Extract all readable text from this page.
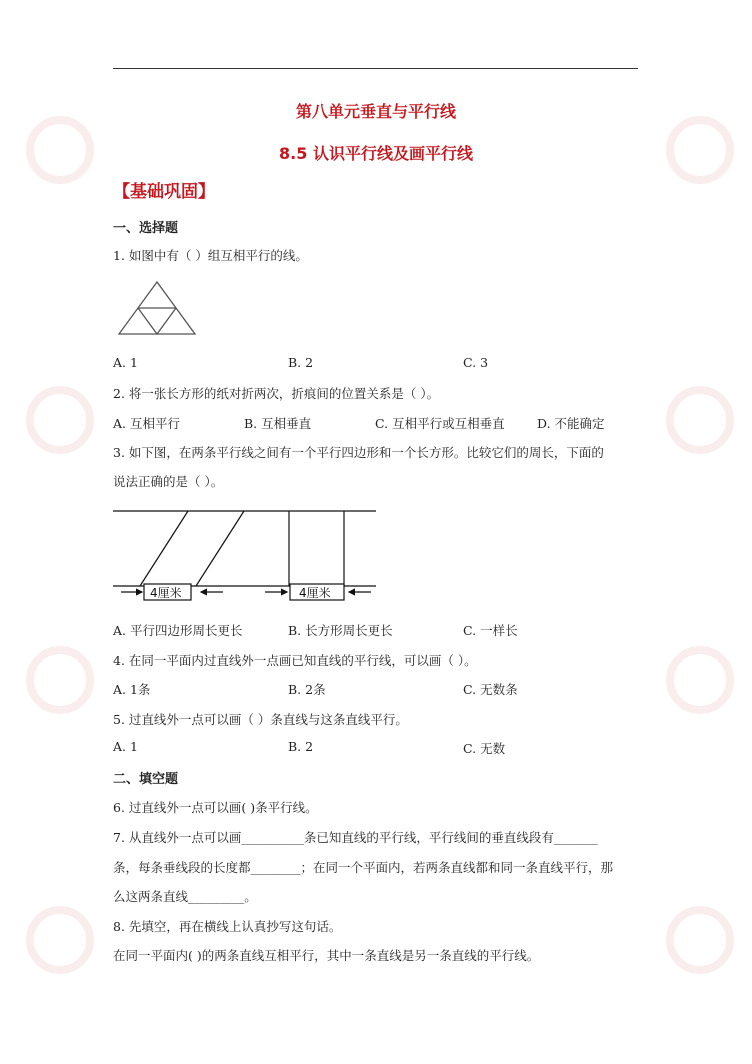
第八单元垂直与平行线
8.5 认识平行线及画平行线
【基础巩固】
一、选择题
1. 如图中有（ ）组互相平行的线。
A. 1	B. 2	C. 3
2. 将一张长方形的纸对折两次，折痕间的位置关系是（ ）。
A. 互相平行	B. 互相垂直	C. 互相平行或互相垂直	D. 不能确定
3. 如下图，在两条平行线之间有一个平行四边形和一个长方形。比较它们的周长，下面的
说法正确的是（ ）。
4厘米	4厘米
A. 平行四边形周长更长	B. 长方形周长更长	C. 一样长
4. 在同一平面内过直线外一点画已知直线的平行线，可以画（ ）。
A. 1条	B. 2条	C. 无数条
5. 过直线外一点可以画（ ）条直线与这条直线平行。
A. 1	B. 2	C. 无数
二、填空题
6. 过直线外一点可以画( )条平行线。
7. 从直线外一点可以画__________条已知直线的平行线，平行线间的垂直线段有_______
条，每条垂线段的长度都________；在同一个平面内，若两条直线都和同一条直线平行，那
么这两条直线_________。
8. 先填空，再在横线上认真抄写这句话。
在同一平面内( )的两条直线互相平行，其中一条直线是另一条直线的平行线。
